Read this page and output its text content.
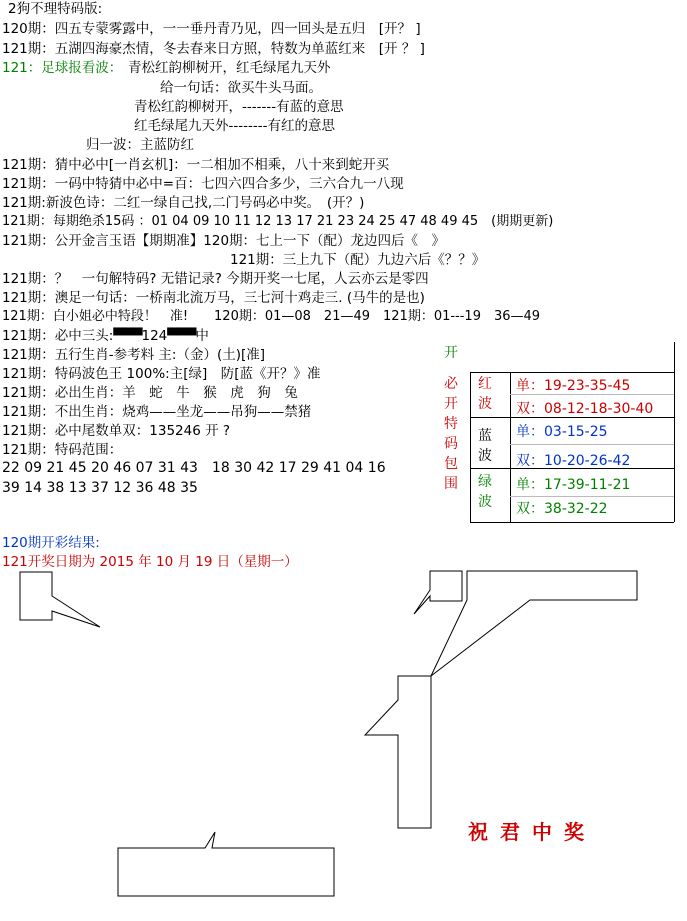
2狗不理特码版:
120期：四五专蒙雾露中，一一垂丹青乃见，四一回头是五归　[开？ ]
121期：五湖四海豪杰情，冬去春来日方照，特数为单蓝红来　[开 ？ ]
121：足球报看波： 青松红韵柳树开，红毛绿尾九天外
给一句话：欲买牛头马面。
青松红韵柳树开，-------有蓝的意思
红毛绿尾九天外--------有红的意思
归一波：主蓝防红
121期：猜中必中[一肖玄机]：一二相加不相乘，八十来到蛇开买
121期：一码中特猜中必中=百：七四六四合多少，三六合九一八现
121期:新波色诗：二红一绿自己找,二门号码必中奖。　(开？)
121期：每期绝杀15码 ：01 04 09 10 11 12 13 17 21 23 24 25 47 48 49 45　(期期更新)
121期：公开金言玉语【期期准】120期：七上一下（配）龙边四后《　》
121期：三上九下（配）九边六后《？？》
121期：？　一句解特码? 无错记录? 今期开奖一七尾，人云亦云是零四
121期：澳足一句话：一桥南北流万马，三七河十鸡走三. (马牛的是也)
121期：白小姐必中特段！　准!　　120期：01—08　21—49　121期：01---19　36—49
121期：必中三头:▀▀▀124▀▀▀中
121期：五行生肖-参考料 主:（金）(土)[准]
121期：特码波色王 100%:主[绿]　防[蓝《开？》准
121期：必出生肖：羊　蛇　牛　猴　虎　狗　兔
121期：不出生肖：烧鸡——坐龙——吊狗——禁猪
121期：必中尾数单双：135246 开 ?
121期：特码范围：
22 09 21 45 20 46 07 31 43　18 30 42 17 29 41 04 16
39 14 38 13 37 12 36 48 35
120期开彩结果:
121开奖日期为 2015 年 10 月 19 日（星期一）
开
必开特码包围
红波
蓝波
绿波
单：19-23-35-45
双：08-12-18-30-40
单：03-15-25
双：10-20-26-42
单：17-39-11-21
双：38-32-22
祝君中奖
